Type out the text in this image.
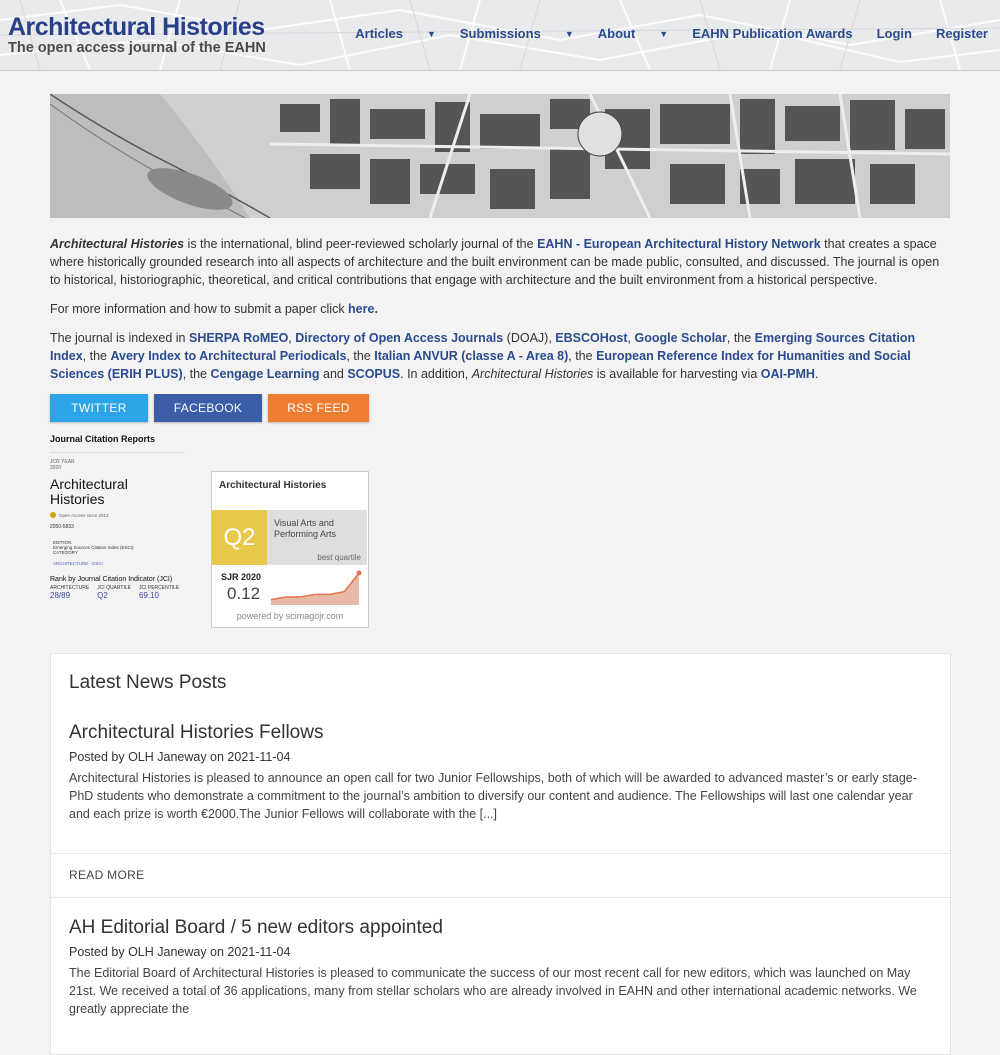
Architectural Histories
The open access journal of the EAHN
Articles	▼ Submissions	▼ About	▼ EAHN Publication Awards Login Register

Architectural Histories is the international, blind peer-reviewed scholarly journal of the EAHN - European Architectural History Network that creates a space where historically grounded research into all aspects of architecture and the built environment can be made public, consulted, and discussed. The journal is open to historical, historiographic, theoretical, and critical contributions that engage with architecture and the built environment from a historical perspective.

For more information and how to submit a paper click here.

The journal is indexed in SHERPA RoMEO, Directory of Open Access Journals (DOAJ), EBSCOHost, Google Scholar, the Emerging Sources Citation Index, the Avery Index to Architectural Periodicals, the Italian ANVUR (classe A - Area 8), the European Reference Index for Humanities and Social Sciences (ERIH PLUS), the Cengage Learning and SCOPUS. In addition, Architectural Histories is available for harvesting via OAI-PMH.

TWITTER	FACEBOOK	RSS FEED
Journal Citation Reports
JCR YEAR
2020
Architectural Histories
Open Access since 2013
2050-5833
EDITION
Emerging Sources Citation Index (ESCI)
CATEGORY
ARCHITECTURE - ESCI
Rank by Journal Citation Indicator (JCI)
ARCHITECTURE
28/89
JCI QUARTILE
Q2
JCI PERCENTILE
69.10
Architectural Histories
Q2
Visual Arts and Performing Arts
best quartile
SJR 2020
0.12
powered by scimagojr.com
Latest News Posts
Architectural Histories Fellows
Posted by OLH Janeway on 2021-11-04
Architectural Histories is pleased to announce an open call for two Junior Fellowships, both of which will be awarded to advanced master’s or early stage-PhD students who demonstrate a commitment to the journal’s ambition to diversify our content and audience. The Fellowships will last one calendar year and each prize is worth €2000.The Junior Fellows will collaborate with the [...]
READ MORE
AH Editorial Board / 5 new editors appointed
Posted by OLH Janeway on 2021-11-04
The Editorial Board of Architectural Histories is pleased to communicate the success of our most recent call for new editors, which was launched on May 21st. We received a total of 36 applications, many from stellar scholars who are already involved in EAHN and other international academic networks. We greatly appreciate the
